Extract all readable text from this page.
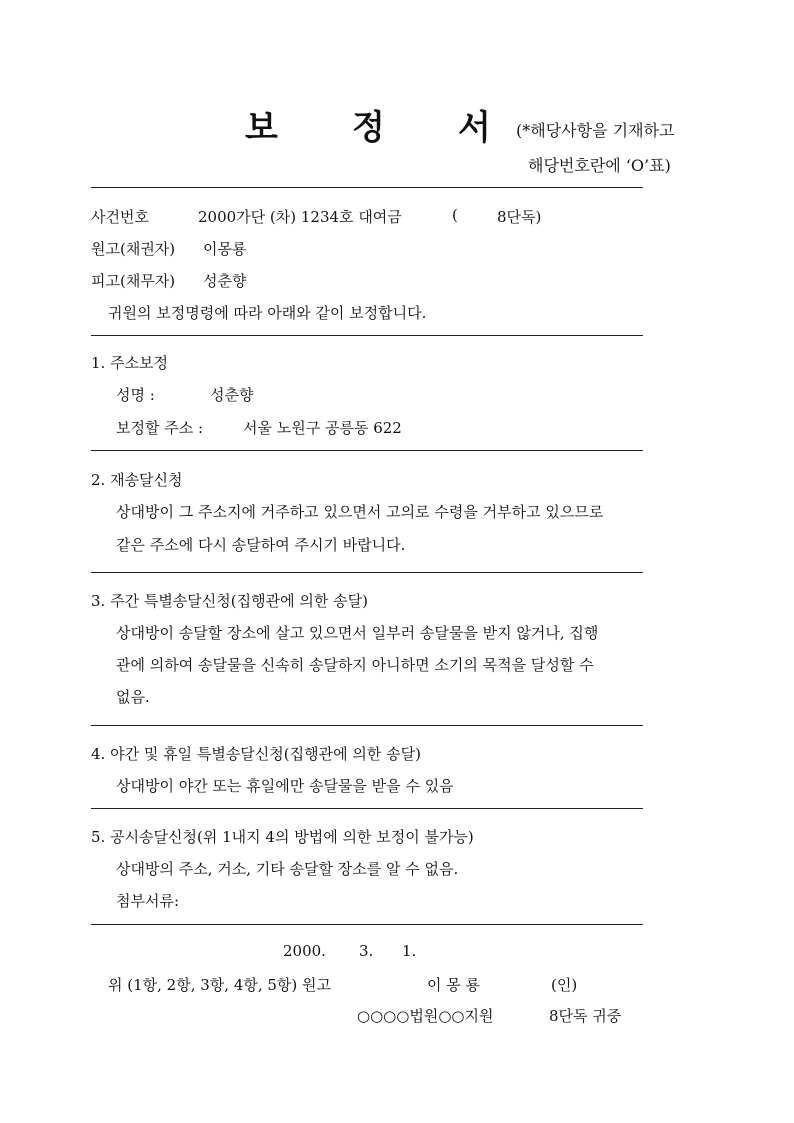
보 정 서 (*해당사항을 기재하고
해당번호란에 ‘O’표)
사건번호	2000가단 (차) 1234호 대여금	(	8단독)
원고(채권자) 이몽룡
피고(채무자) 성춘향
귀원의 보정명령에 따라 아래와 같이 보정합니다.
1. 주소보정
성명 :	성춘향
보정할 주소 :	서울 노원구 공릉동 622
2. 재송달신청
상대방이 그 주소지에 거주하고 있으면서 고의로 수령을 거부하고 있으므로
같은 주소에 다시 송달하여 주시기 바랍니다.
3. 주간 특별송달신청(집행관에 의한 송달)
상대방이 송달할 장소에 살고 있으면서 일부러 송달물을 받지 않거나, 집행
관에 의하여 송달물을 신속히 송달하지 아니하면 소기의 목적을 달성할 수
없음.
4. 야간 및 휴일 특별송달신청(집행관에 의한 송달)
상대방이 야간 또는 휴일에만 송달물을 받을 수 있음
5. 공시송달신청(위 1내지 4의 방법에 의한 보정이 불가능)
상대방의 주소, 거소, 기타 송달할 장소를 알 수 없음.
첨부서류:
2000. 3. 1.
위 (1항, 2항, 3항, 4항, 5항) 원고	이 몽 룡	(인)
○○○○법원○○지원	8단독 귀중
